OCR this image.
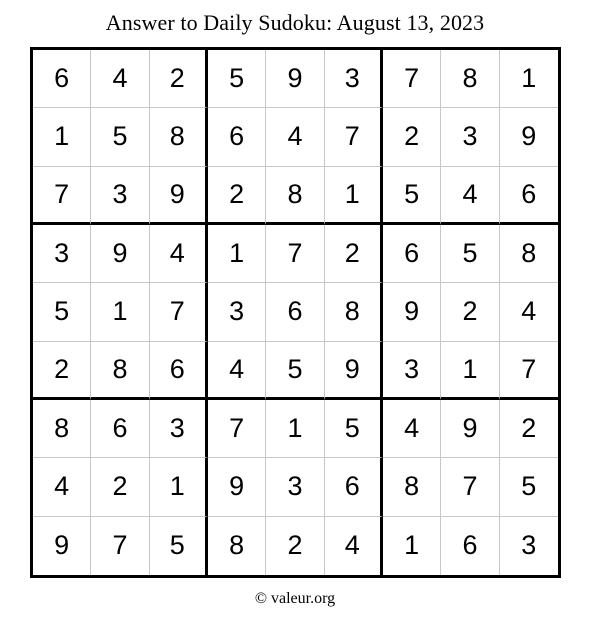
Answer to Daily Sudoku: August 13, 2023
6	4	2	5	9	3	7	8	1
1	5	8	6	4	7	2	3	9
7	3	9	2	8	1	5	4	6
3	9	4	1	7	2	6	5	8
5	1	7	3	6	8	9	2	4
2	8	6	4	5	9	3	1	7
8	6	3	7	1	5	4	9	2
4	2	1	9	3	6	8	7	5
9	7	5	8	2	4	1	6	3
© valeur.org
